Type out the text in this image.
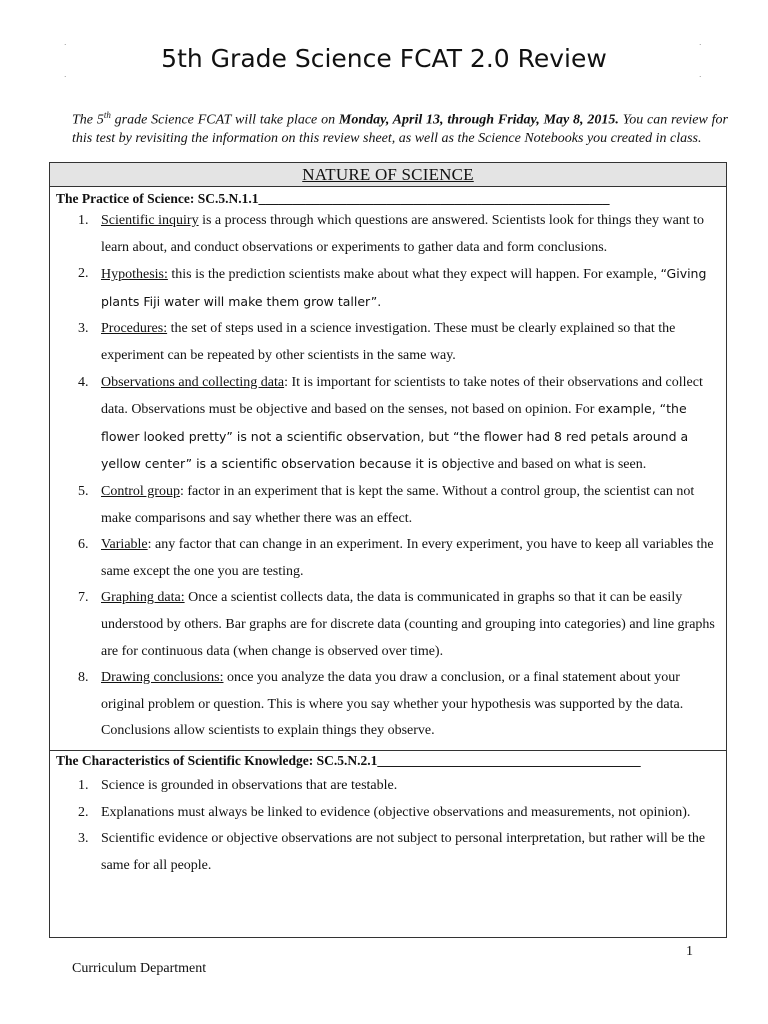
·
·
·
·
5th Grade Science FCAT 2.0 Review
The 5th grade Science FCAT will take place on Monday, April 13, through Friday, May 8, 2015. You can review for this test by revisiting the information on this review sheet, as well as the Science Notebooks you created in class.
NATURE OF SCIENCE
The Practice of Science: SC.5.N.1.1____________________________________________________
1. Scientific inquiry is a process through which questions are answered. Scientists look for things they want to learn about, and conduct observations or experiments to gather data and form conclusions.
2. Hypothesis: this is the prediction scientists make about what they expect will happen. For example, “Giving plants Fiji water will make them grow taller”.
3. Procedures: the set of steps used in a science investigation. These must be clearly explained so that the experiment can be repeated by other scientists in the same way.
4. Observations and collecting data: It is important for scientists to take notes of their observations and collect data. Observations must be objective and based on the senses, not based on opinion. For example, “the flower looked pretty” is not a scientific observation, but “the flower had 8 red petals around a yellow center” is a scientific observation because it is objective and based on what is seen.
5. Control group: factor in an experiment that is kept the same. Without a control group, the scientist can not make comparisons and say whether there was an effect.
6. Variable: any factor that can change in an experiment. In every experiment, you have to keep all variables the same except the one you are testing.
7. Graphing data: Once a scientist collects data, the data is communicated in graphs so that it can be easily understood by others. Bar graphs are for discrete data (counting and grouping into categories) and line graphs are for continuous data (when change is observed over time).
8. Drawing conclusions: once you analyze the data you draw a conclusion, or a final statement about your original problem or question. This is where you say whether your hypothesis was supported by the data. Conclusions allow scientists to explain things they observe.
The Characteristics of Scientific Knowledge: SC.5.N.2.1_______________________________________
1. Science is grounded in observations that are testable.
2. Explanations must always be linked to evidence (objective observations and measurements, not opinion).
3. Scientific evidence or objective observations are not subject to personal interpretation, but rather will be the same for all people.
1
Curriculum Department
